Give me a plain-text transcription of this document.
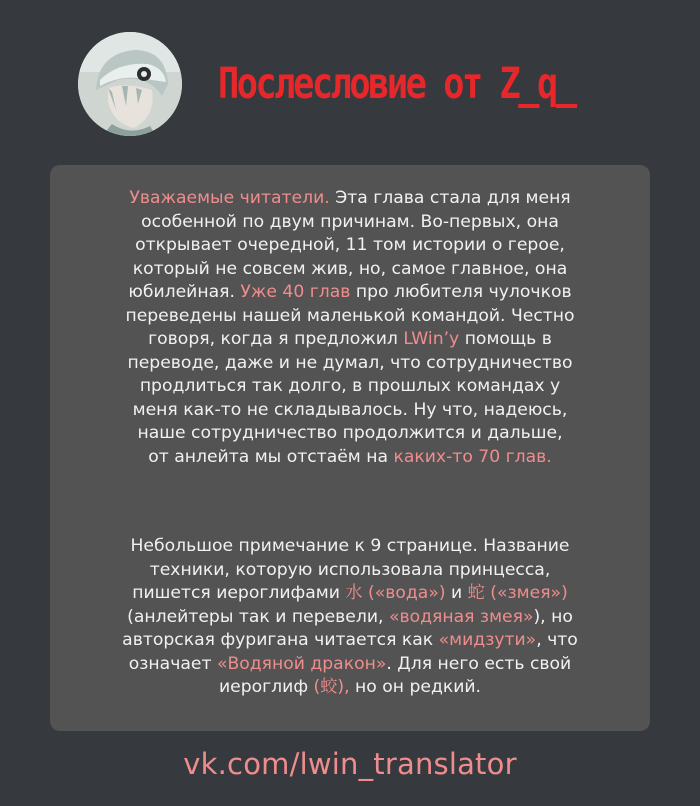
Послесловие от Z_q_
Уважаемые читатели. Эта глава стала для меня
особенной по двум причинам. Во-первых, она
открывает очередной, 11 том истории о герое,
который не совсем жив, но, самое главное, она
юбилейная. Уже 40 глав про любителя чулочков
переведены нашей маленькой командой. Честно
говоря, когда я предложил LWin’y помощь в
переводе, даже и не думал, что сотрудничество
продлиться так долго, в прошлых командах у
меня как-то не складывалось. Ну что, надеюсь,
наше сотрудничество продолжится и дальше,
от анлейта мы отстаём на каких-то 70 глав.
Небольшое примечание к 9 странице. Название
техники, которую использовала принцесса,
пишется иероглифами 水 («вода») и 蛇 («змея»)
(анлейтеры так и перевели, «водяная змея»), но
авторская фуригана читается как «мидзути», что
означает «Водяной дракон». Для него есть свой
иероглиф (蛟), но он редкий.
vk.com/lwin_translator
